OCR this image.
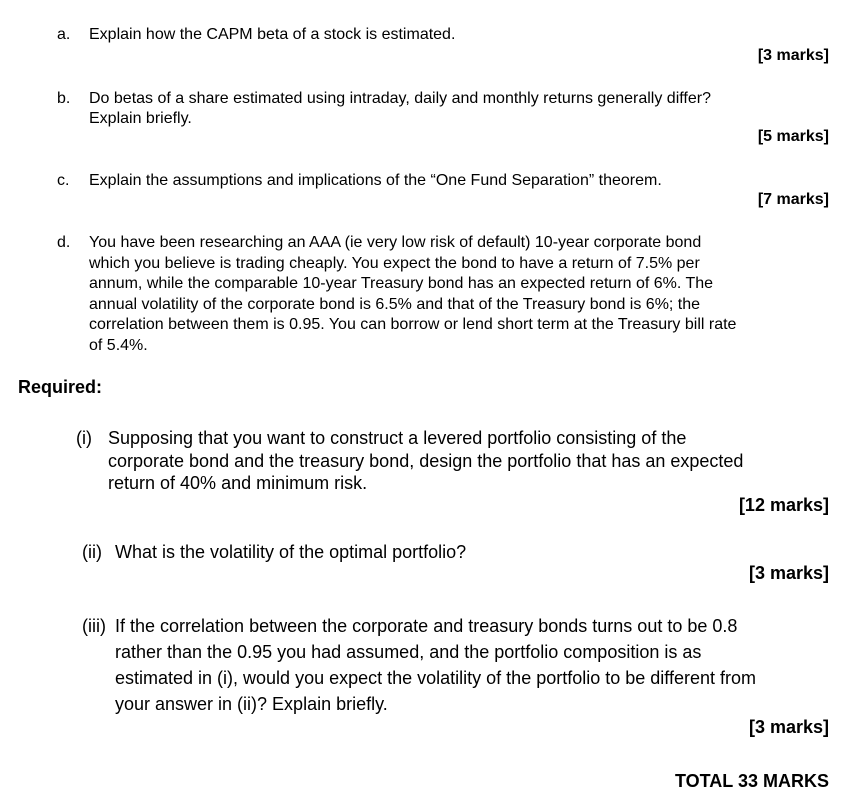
a. Explain how the CAPM beta of a stock is estimated.
[3 marks]
b. Do betas of a share estimated using intraday, daily and monthly returns generally differ?
Explain briefly.
[5 marks]
c. Explain the assumptions and implications of the “One Fund Separation” theorem.
[7 marks]
d. You have been researching an AAA (ie very low risk of default) 10-year corporate bond
which you believe is trading cheaply. You expect the bond to have a return of 7.5% per
annum, while the comparable 10-year Treasury bond has an expected return of 6%. The
annual volatility of the corporate bond is 6.5% and that of the Treasury bond is 6%; the
correlation between them is 0.95. You can borrow or lend short term at the Treasury bill rate
of 5.4%.
Required:
(i) Supposing that you want to construct a levered portfolio consisting of the
corporate bond and the treasury bond, design the portfolio that has an expected
return of 40% and minimum risk.
[12 marks]
(ii) What is the volatility of the optimal portfolio?
[3 marks]
(iii) If the correlation between the corporate and treasury bonds turns out to be 0.8
rather than the 0.95 you had assumed, and the portfolio composition is as
estimated in (i), would you expect the volatility of the portfolio to be different from
your answer in (ii)? Explain briefly.
[3 marks]
TOTAL 33 MARKS
